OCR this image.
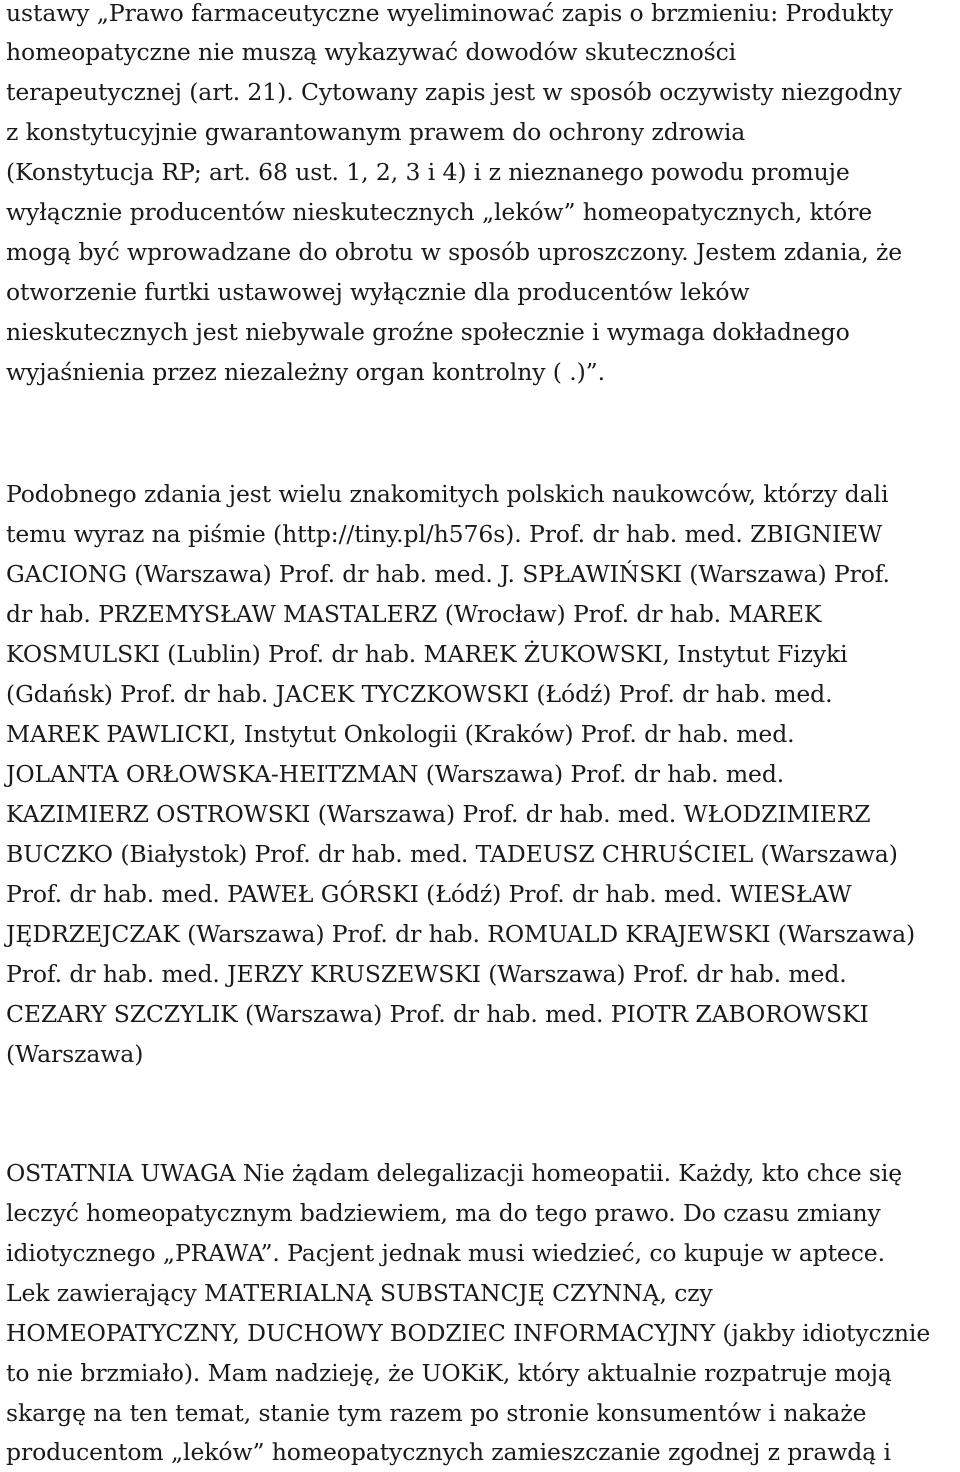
ustawy „Prawo farmaceutyczne wyeliminować zapis o brzmieniu: Produkty
homeopatyczne nie muszą wykazywać dowodów skuteczności
terapeutycznej (art. 21). Cytowany zapis jest w sposób oczywisty niezgodny
z konstytucyjnie gwarantowanym prawem do ochrony zdrowia
(Konstytucja RP; art. 68 ust. 1, 2, 3 i 4) i z nieznanego powodu promuje
wyłącznie producentów nieskutecznych „leków” homeopatycznych, które
mogą być wprowadzane do obrotu w sposób uproszczony. Jestem zdania, że
otworzenie furtki ustawowej wyłącznie dla producentów leków
nieskutecznych jest niebywale groźne społecznie i wymaga dokładnego
wyjaśnienia przez niezależny organ kontrolny ( .)”.
Podobnego zdania jest wielu znakomitych polskich naukowców, którzy dali
temu wyraz na piśmie (http://tiny.pl/h576s). Prof. dr hab. med. ZBIGNIEW
GACIONG (Warszawa) Prof. dr hab. med. J. SPŁAWIŃSKI (Warszawa) Prof.
dr hab. PRZEMYSŁAW MASTALERZ (Wrocław) Prof. dr hab. MAREK
KOSMULSKI (Lublin) Prof. dr hab. MAREK ŻUKOWSKI, Instytut Fizyki
(Gdańsk) Prof. dr hab. JACEK TYCZKOWSKI (Łódź) Prof. dr hab. med.
MAREK PAWLICKI, Instytut Onkologii (Kraków) Prof. dr hab. med.
JOLANTA ORŁOWSKA-HEITZMAN (Warszawa) Prof. dr hab. med.
KAZIMIERZ OSTROWSKI (Warszawa) Prof. dr hab. med. WŁODZIMIERZ
BUCZKO (Białystok) Prof. dr hab. med. TADEUSZ CHRUŚCIEL (Warszawa)
Prof. dr hab. med. PAWEŁ GÓRSKI (Łódź) Prof. dr hab. med. WIESŁAW
JĘDRZEJCZAK (Warszawa) Prof. dr hab. ROMUALD KRAJEWSKI (Warszawa)
Prof. dr hab. med. JERZY KRUSZEWSKI (Warszawa) Prof. dr hab. med.
CEZARY SZCZYLIK (Warszawa) Prof. dr hab. med. PIOTR ZABOROWSKI
(Warszawa)
OSTATNIA UWAGA Nie żądam delegalizacji homeopatii. Każdy, kto chce się
leczyć homeopatycznym badziewiem, ma do tego prawo. Do czasu zmiany
idiotycznego „PRAWA”. Pacjent jednak musi wiedzieć, co kupuje w aptece.
Lek zawierający MATERIALNĄ SUBSTANCJĘ CZYNNĄ, czy
HOMEOPATYCZNY, DUCHOWY BODZIEC INFORMACYJNY (jakby idiotycznie
to nie brzmiało). Mam nadzieję, że UOKiK, który aktualnie rozpatruje moją
skargę na ten temat, stanie tym razem po stronie konsumentów i nakaże
producentom „leków” homeopatycznych zamieszczanie zgodnej z prawdą i
